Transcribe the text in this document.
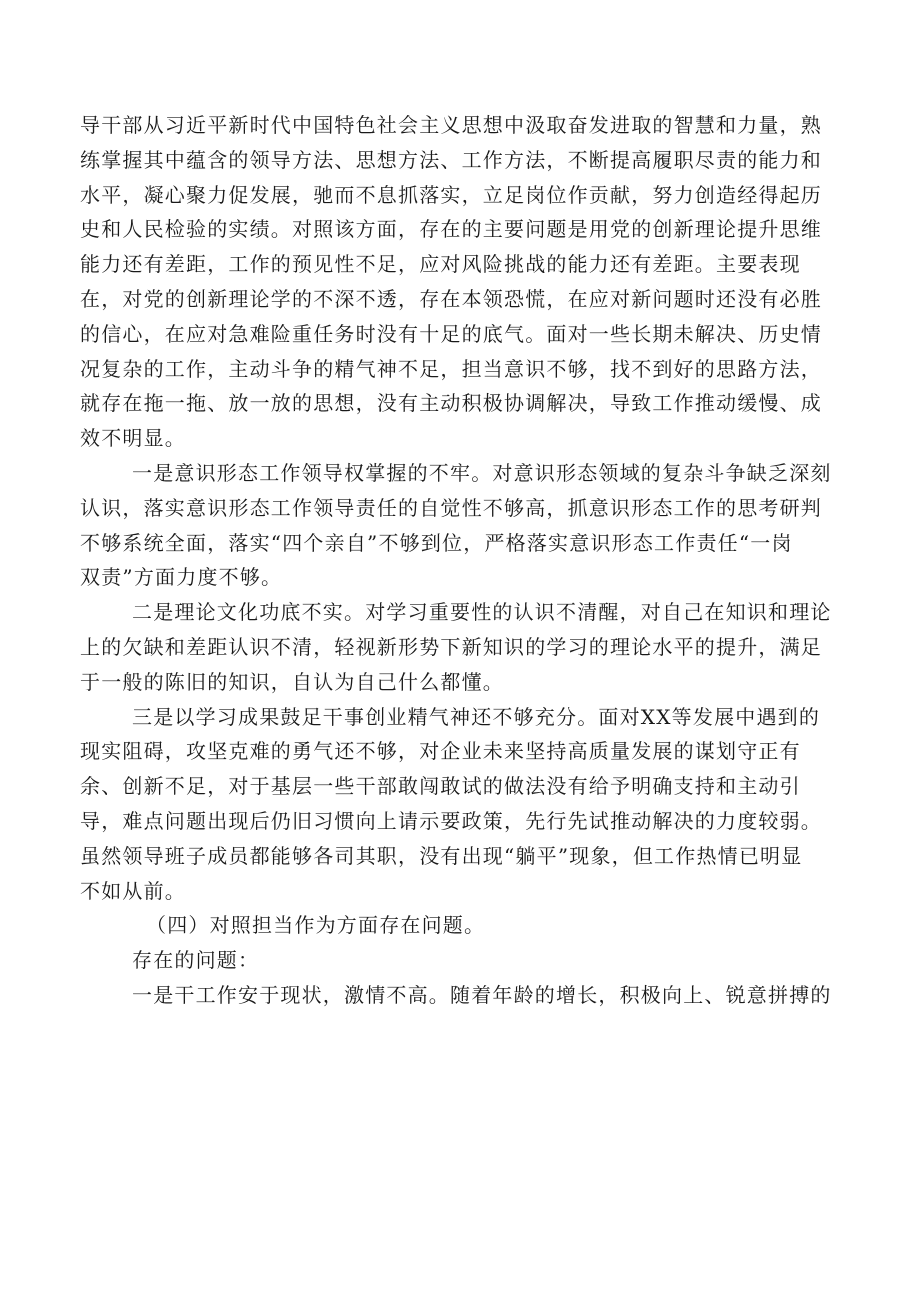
导干部从习近平新时代中国特色社会主义思想中汲取奋发进取的智慧和力量，熟
练掌握其中蕴含的领导方法、思想方法、工作方法，不断提高履职尽责的能力和
水平，凝心聚力促发展，驰而不息抓落实，立足岗位作贡献，努力创造经得起历
史和人民检验的实绩。对照该方面，存在的主要问题是用党的创新理论提升思维
能力还有差距，工作的预见性不足，应对风险挑战的能力还有差距。主要表现
在，对党的创新理论学的不深不透，存在本领恐慌，在应对新问题时还没有必胜
的信心，在应对急难险重任务时没有十足的底气。面对一些长期未解决、历史情
况复杂的工作，主动斗争的精气神不足，担当意识不够，找不到好的思路方法，
就存在拖一拖、放一放的思想，没有主动积极协调解决，导致工作推动缓慢、成
效不明显。
一是意识形态工作领导权掌握的不牢。对意识形态领域的复杂斗争缺乏深刻
认识，落实意识形态工作领导责任的自觉性不够高，抓意识形态工作的思考研判
不够系统全面，落实“四个亲自”不够到位，严格落实意识形态工作责任“一岗
双责”方面力度不够。
二是理论文化功底不实。对学习重要性的认识不清醒，对自己在知识和理论
上的欠缺和差距认识不清，轻视新形势下新知识的学习的理论水平的提升，满足
于一般的陈旧的知识，自认为自己什么都懂。
三是以学习成果鼓足干事创业精气神还不够充分。面对XX等发展中遇到的
现实阻碍，攻坚克难的勇气还不够，对企业未来坚持高质量发展的谋划守正有
余、创新不足，对于基层一些干部敢闯敢试的做法没有给予明确支持和主动引
导，难点问题出现后仍旧习惯向上请示要政策，先行先试推动解决的力度较弱。
虽然领导班子成员都能够各司其职，没有出现“躺平”现象，但工作热情已明显
不如从前。
（四）对照担当作为方面存在问题。
存在的问题：
一是干工作安于现状，激情不高。随着年龄的增长，积极向上、锐意拼搏的
